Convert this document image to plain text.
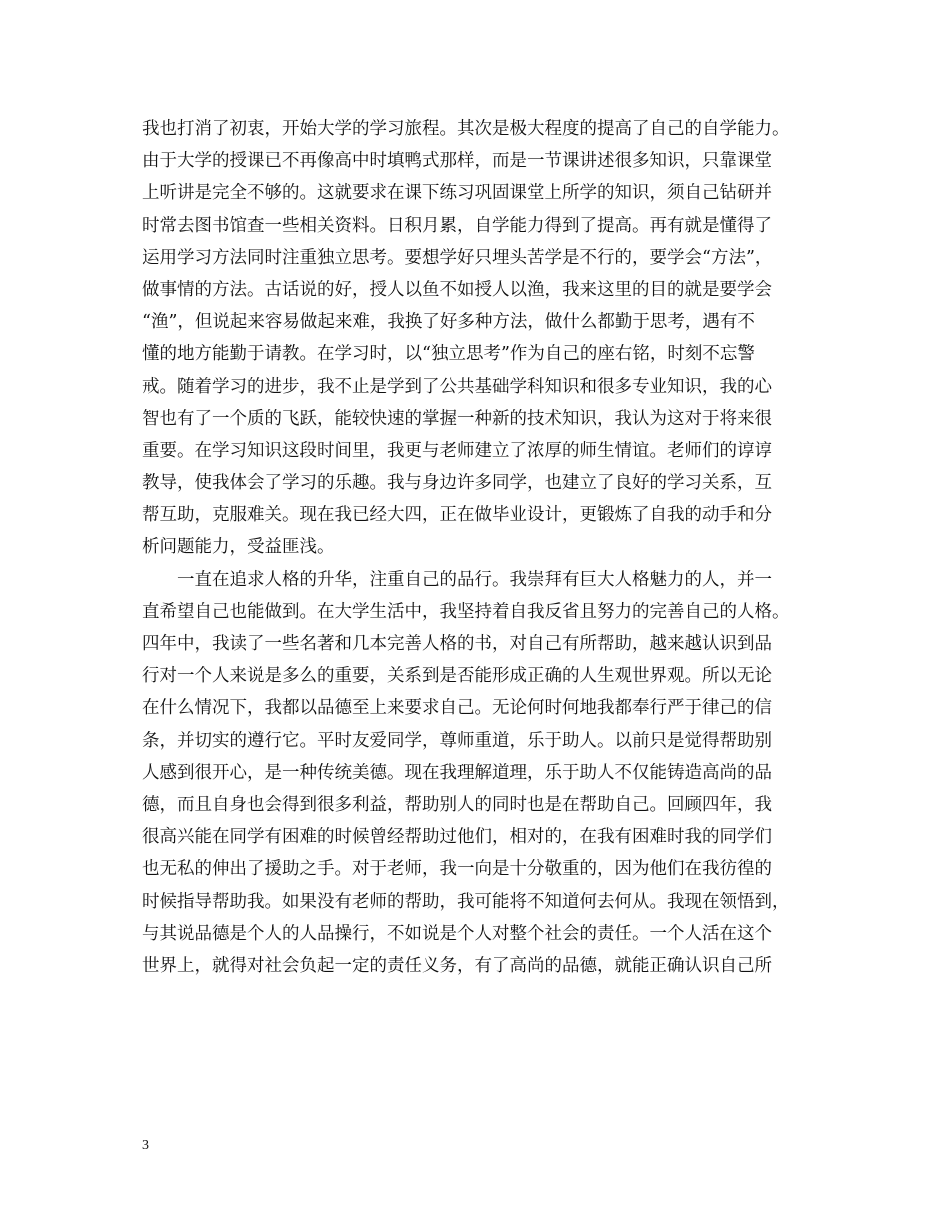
我也打消了初衷，开始大学的学习旅程。其次是极大程度的提高了自己的自学能力。
由于大学的授课已不再像高中时填鸭式那样，而是一节课讲述很多知识，只靠课堂
上听讲是完全不够的。这就要求在课下练习巩固课堂上所学的知识，须自己钻研并
时常去图书馆查一些相关资料。日积月累，自学能力得到了提高。再有就是懂得了
运用学习方法同时注重独立思考。要想学好只埋头苦学是不行的，要学会“方法”，
做事情的方法。古话说的好，授人以鱼不如授人以渔，我来这里的目的就是要学会
“渔”，但说起来容易做起来难，我换了好多种方法，做什么都勤于思考，遇有不
懂的地方能勤于请教。在学习时，以“独立思考”作为自己的座右铭，时刻不忘警
戒。随着学习的进步，我不止是学到了公共基础学科知识和很多专业知识，我的心
智也有了一个质的飞跃，能较快速的掌握一种新的技术知识，我认为这对于将来很
重要。在学习知识这段时间里，我更与老师建立了浓厚的师生情谊。老师们的谆谆
教导，使我体会了学习的乐趣。我与身边许多同学，也建立了良好的学习关系，互
帮互助，克服难关。现在我已经大四，正在做毕业设计，更锻炼了自我的动手和分
析问题能力，受益匪浅。
一直在追求人格的升华，注重自己的品行。我崇拜有巨大人格魅力的人，并一
直希望自己也能做到。在大学生活中，我坚持着自我反省且努力的完善自己的人格。
四年中，我读了一些名著和几本完善人格的书，对自己有所帮助，越来越认识到品
行对一个人来说是多么的重要，关系到是否能形成正确的人生观世界观。所以无论
在什么情况下，我都以品德至上来要求自己。无论何时何地我都奉行严于律己的信
条，并切实的遵行它。平时友爱同学，尊师重道，乐于助人。以前只是觉得帮助别
人感到很开心，是一种传统美德。现在我理解道理，乐于助人不仅能铸造高尚的品
德，而且自身也会得到很多利益，帮助别人的同时也是在帮助自己。回顾四年，我
很高兴能在同学有困难的时候曾经帮助过他们，相对的，在我有困难时我的同学们
也无私的伸出了援助之手。对于老师，我一向是十分敬重的，因为他们在我彷徨的
时候指导帮助我。如果没有老师的帮助，我可能将不知道何去何从。我现在领悟到，
与其说品德是个人的人品操行，不如说是个人对整个社会的责任。一个人活在这个
世界上，就得对社会负起一定的责任义务，有了高尚的品德，就能正确认识自己所
3
